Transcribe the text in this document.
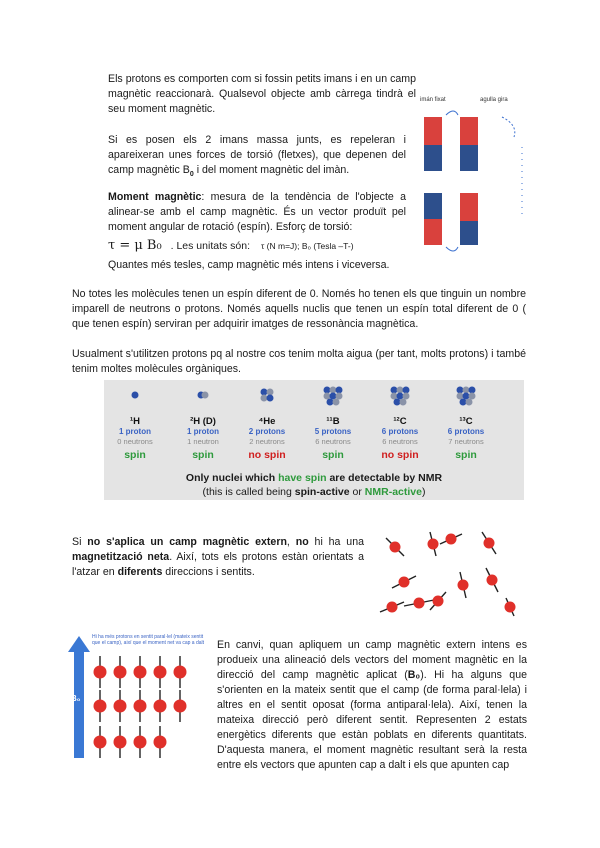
Els protons es comporten com si fossin petits imans i en un camp magnètic reaccionarà. Qualsevol objecte amb càrrega tindrà el seu moment magnètic.
Si es posen els 2 imans massa junts, es repeleran i apareixeran unes forces de torsió (fletxes), que depenen del camp magnètic $B_0$ i del moment magnètic del imàn.
Moment magnètic: mesura de la tendència de l'objecte a alinear-se amb el camp magnètic. És un vector produït pel moment angular de rotació (espín). Esforç de torsió:
τ = μ B₀ . Les unitats són: τ (N m=J); B₀ (Tesla –T-)
Quantes més tesles, camp magnètic més intens i viceversa.
imán fixat	agulla gira
No totes les molècules tenen un espín diferent de 0. Només ho tenen els que tinguin un nombre imparell de neutrons o protons. Només aquells nuclis que tenen un espín total diferent de 0 ( que tenen espín) serviran per adquirir imatges de ressonància magnètica.
Usualment s'utilitzen protons pq al nostre cos tenim molta aigua (per tant, molts protons) i també tenim moltes molècules orgàniques.
¹H
1 proton
0 neutrons
spin
²H (D)
1 proton
1 neutron
spin
⁴He
2 protons
2 neutrons
no spin
¹¹B
5 protons
6 neutrons
spin
¹²C
6 protons
6 neutrons
no spin
¹³C
6 protons
7 neutrons
spin
Only nuclei which have spin are detectable by NMR
(this is called being spin-active or NMR-active)
Si no s'aplica un camp magnètic extern, no hi ha una magnetització neta. Així, tots els protons estàn orientats a l'atzar en diferents direccions i sentits.
B₀
Hi ha més protons en sentit paral·lel (mateix sentit que el camp), així que el moment net va cap a dalt	En canvi, quan apliquem un camp magnètic extern intens es produeix una alineació dels vectors del moment magnètic en la direcció del camp magnètic aplicat (B₀). Hi ha alguns que s'orienten en la mateix sentit que el camp (de forma paral·lela) i altres en el sentit oposat (forma antiparal·lela). Així, tenen la mateixa direcció però diferent sentit. Representen 2 estats energètics diferents que estàn poblats en diferents quantitats. D'aquesta manera, el moment magnètic resultant serà la resta entre els vectors que apunten cap a dalt i els que apunten cap
